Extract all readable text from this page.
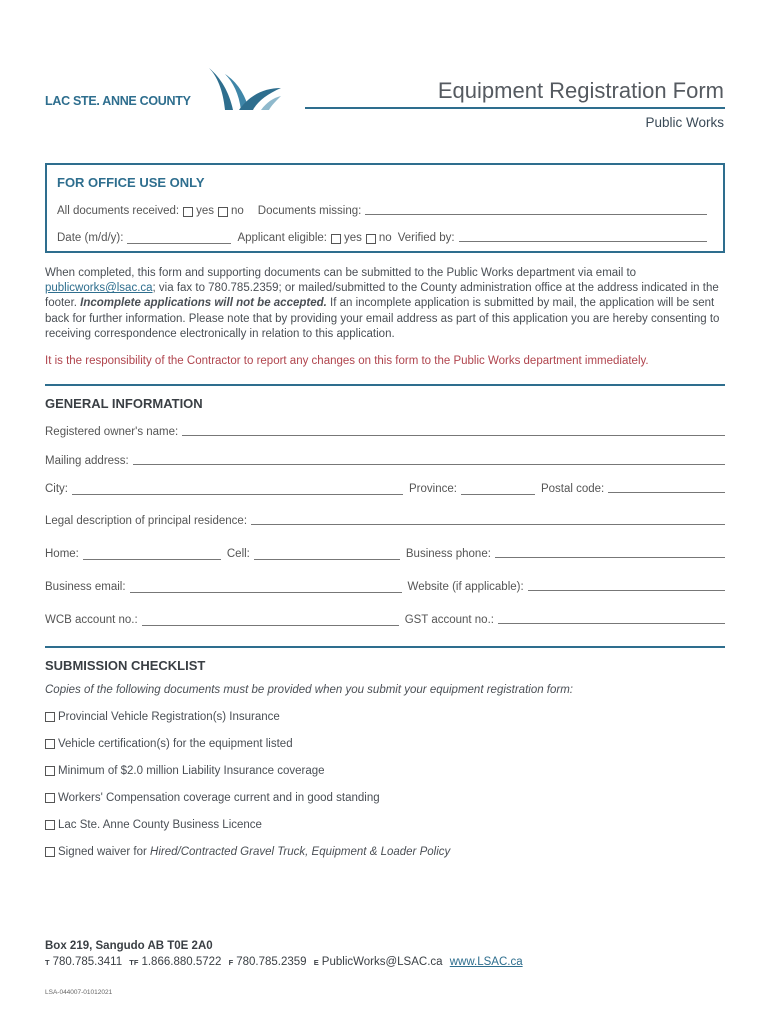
LAC STE. ANNE COUNTY	Equipment Registration Form
Public Works
FOR OFFICE USE ONLY
All documents received: yes no Documents missing:
Date (m/d/y):	Applicant eligible: yes no Verified by:
When completed, this form and supporting documents can be submitted to the Public Works department via email to publicworks@lsac.ca; via fax to 780.785.2359; or mailed/submitted to the County administration office at the address indicated in the footer. Incomplete applications will not be accepted. If an incomplete application is submitted by mail, the application will be sent back for further information. Please note that by providing your email address as part of this application you are hereby consenting to receiving correspondence electronically in relation to this application.
It is the responsibility of the Contractor to report any changes on this form to the Public Works department immediately.
GENERAL INFORMATION
Registered owner's name:
Mailing address:
City:	Province:	Postal code:
Legal description of principal residence:
Home:	Cell:	Business phone:
Business email:	Website (if applicable):
WCB account no.:	GST account no.:
SUBMISSION CHECKLIST
Copies of the following documents must be provided when you submit your equipment registration form:
Provincial Vehicle Registration(s) Insurance
Vehicle certification(s) for the equipment listed
Minimum of $2.0 million Liability Insurance coverage
Workers' Compensation coverage current and in good standing
Lac Ste. Anne County Business Licence
Signed waiver for Hired/Contracted Gravel Truck, Equipment & Loader Policy
Box 219, Sangudo AB T0E 2A0
T 780.785.3411 TF 1.866.880.5722 F 780.785.2359 E PublicWorks@LSAC.ca www.LSAC.ca
LSA-044007-01012021
